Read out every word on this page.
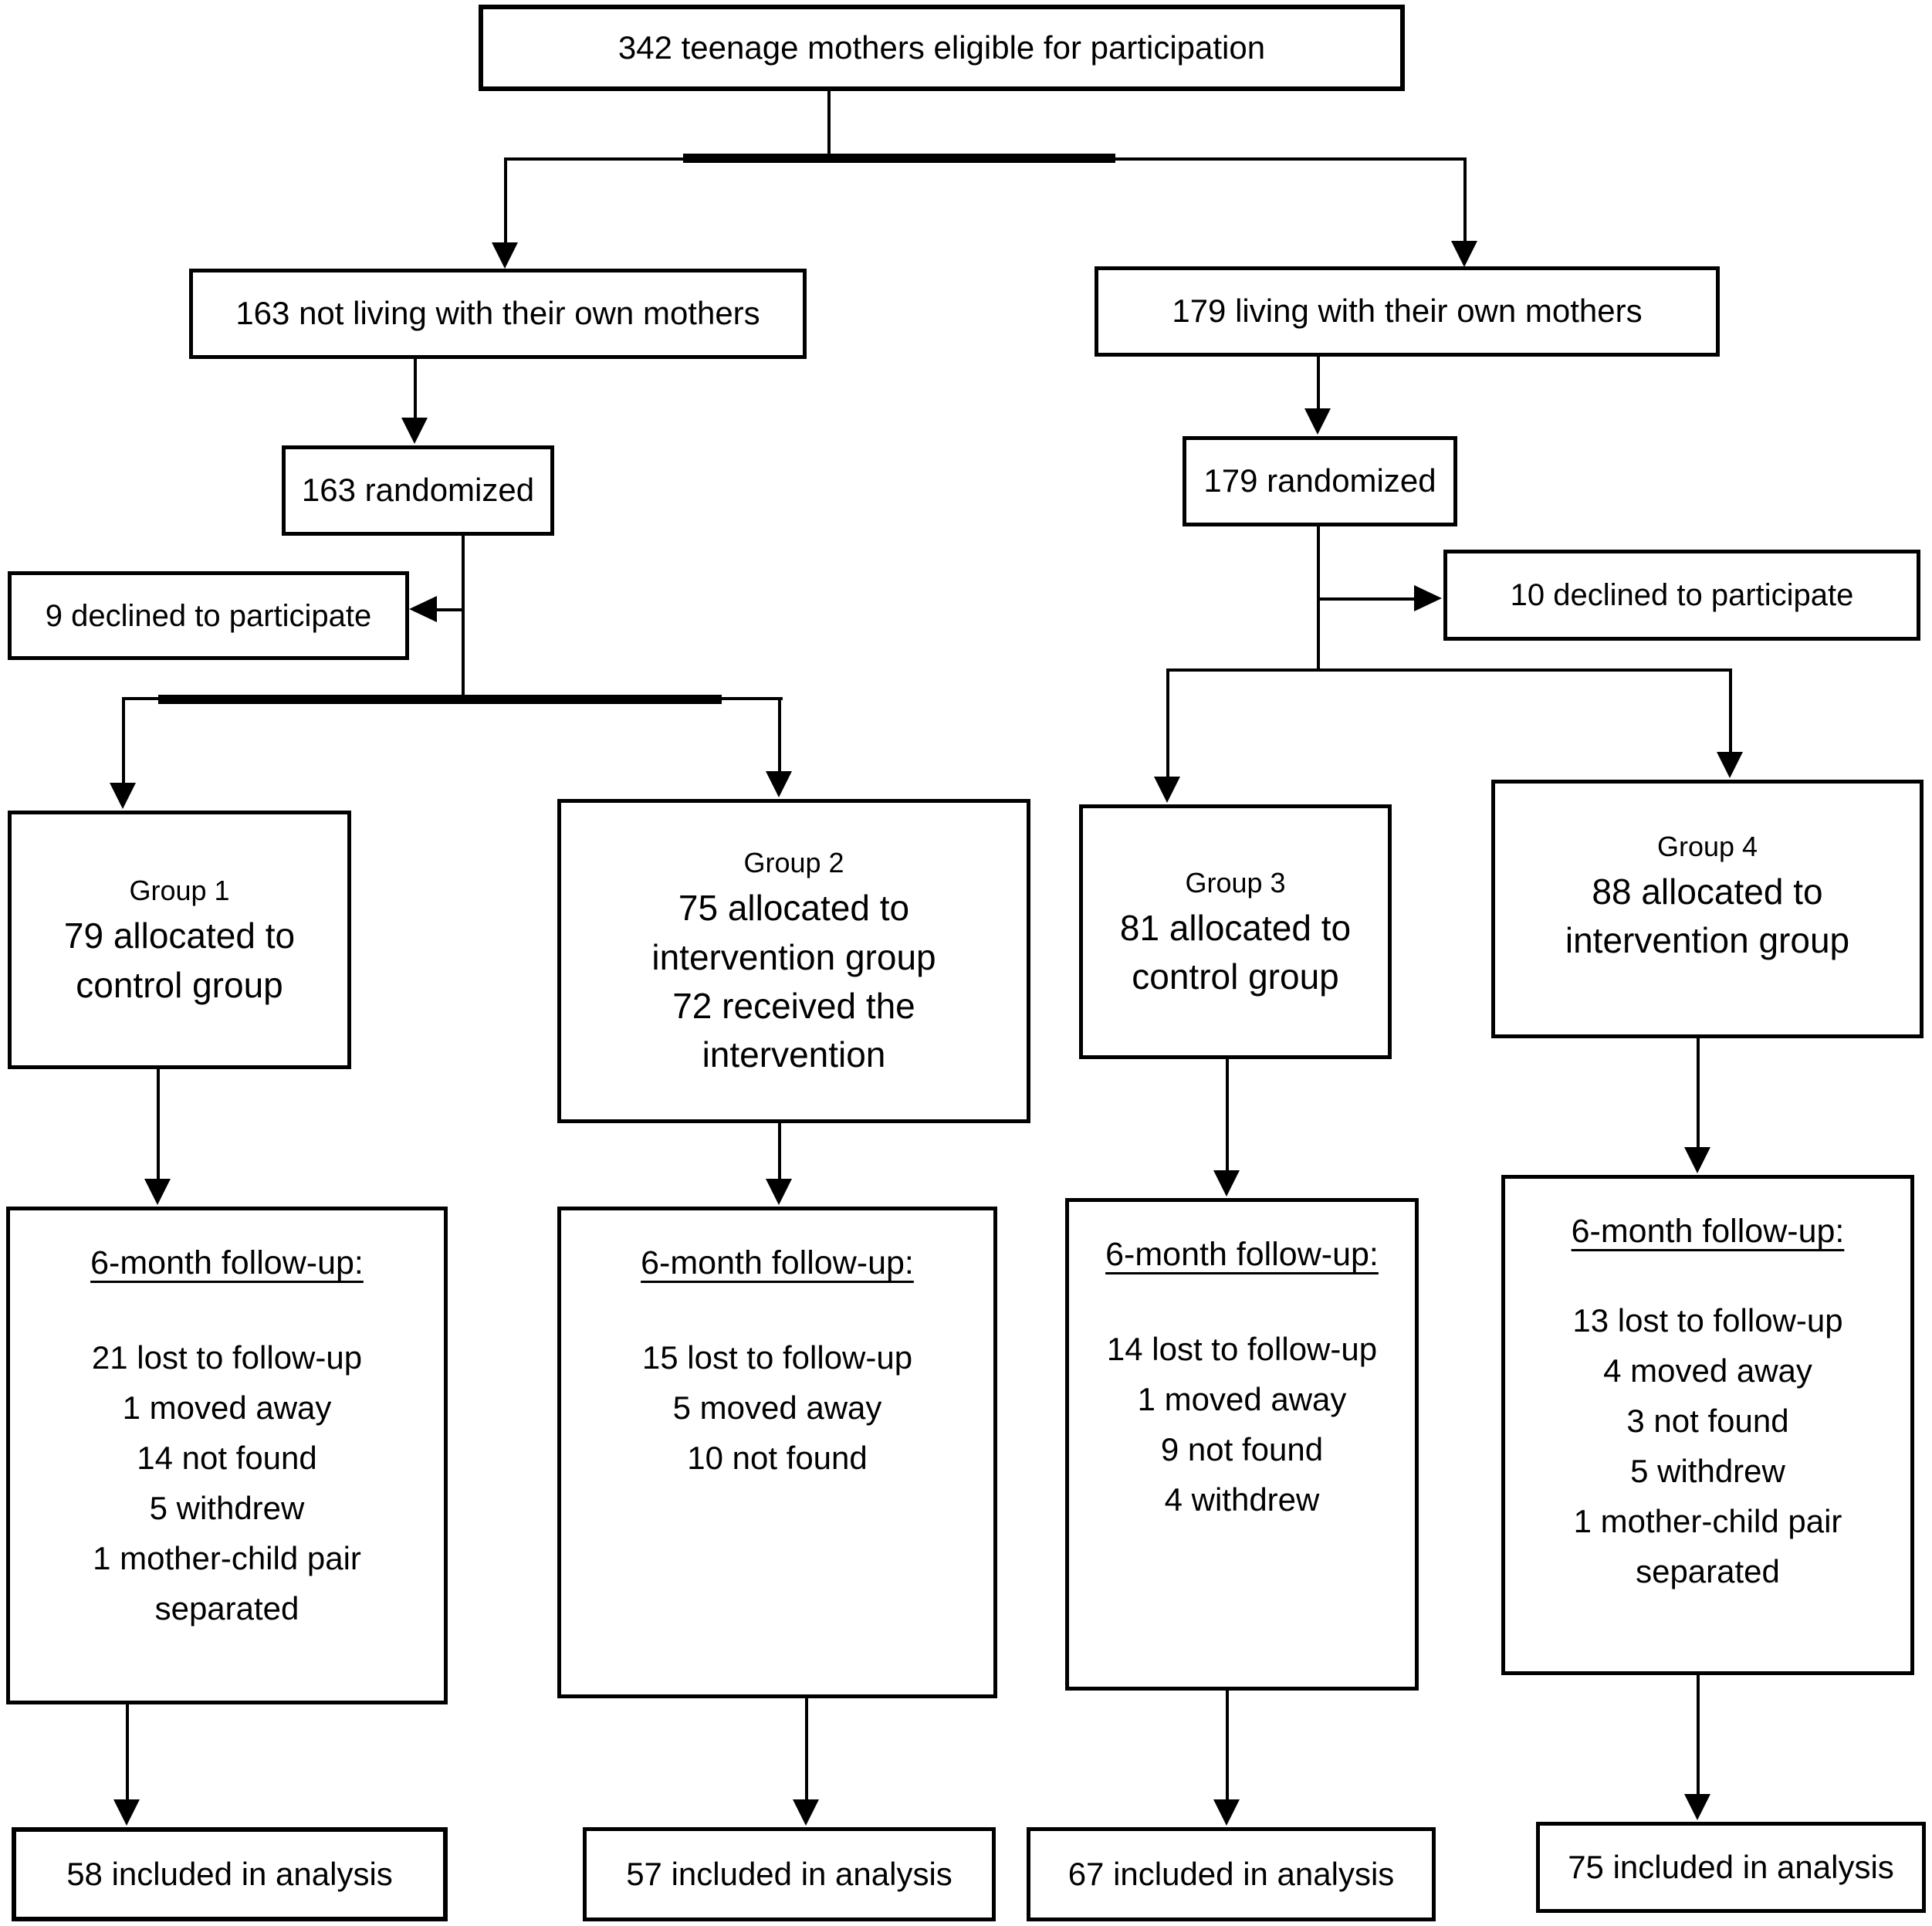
342 teenage mothers eligible for participation
163 not living with their own mothers	179 living with their own mothers
163 randomized	179 randomized
9 declined to participate
10 declined to participate
Group 1
79 allocated to
control group
Group 2
75 allocated to
intervention group
72 received the
intervention
Group 3
81 allocated to
control group
Group 4
88 allocated to
intervention group
6-month follow-up:
21 lost to follow-up
1 moved away
14 not found
5 withdrew
1 mother-child pair
separated
6-month follow-up:
15 lost to follow-up
5 moved away
10 not found
6-month follow-up:
14 lost to follow-up
1 moved away
9 not found
4 withdrew
6-month follow-up:
13 lost to follow-up
4 moved away
3 not found
5 withdrew
1 mother-child pair
separated
58 included in analysis	57 included in analysis	67 included in analysis	75 included in analysis
